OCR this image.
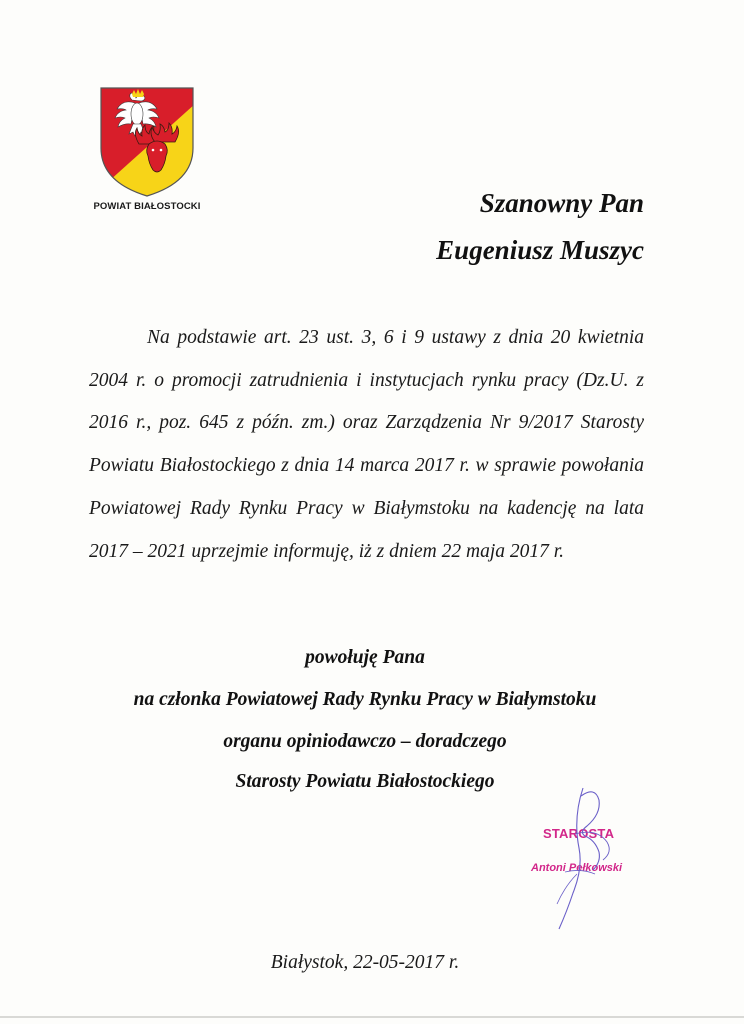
POWIAT BIAŁOSTOCKI	Szanowny Pan
Eugeniusz Muszyc
Na podstawie art. 23 ust. 3, 6 i 9 ustawy z dnia 20 kwietnia 2004 r. o promocji zatrudnienia i instytucjach rynku pracy (Dz.U. z 2016 r., poz. 645 z późn. zm.) oraz Zarządzenia Nr 9/2017 Starosty Powiatu Białostockiego z dnia 14 marca 2017 r. w sprawie powołania Powiatowej Rady Rynku Pracy w Białymstoku na kadencję na lata 2017 – 2021 uprzejmie informuję, iż z dniem 22 maja 2017 r.
powołuję Pana
na członka Powiatowej Rady Rynku Pracy w Białymstoku
organu opiniodawczo – doradczego
Starosty Powiatu Białostockiego
STAROSTA
Antoni Pełkowski
Białystok, 22-05-2017 r.
